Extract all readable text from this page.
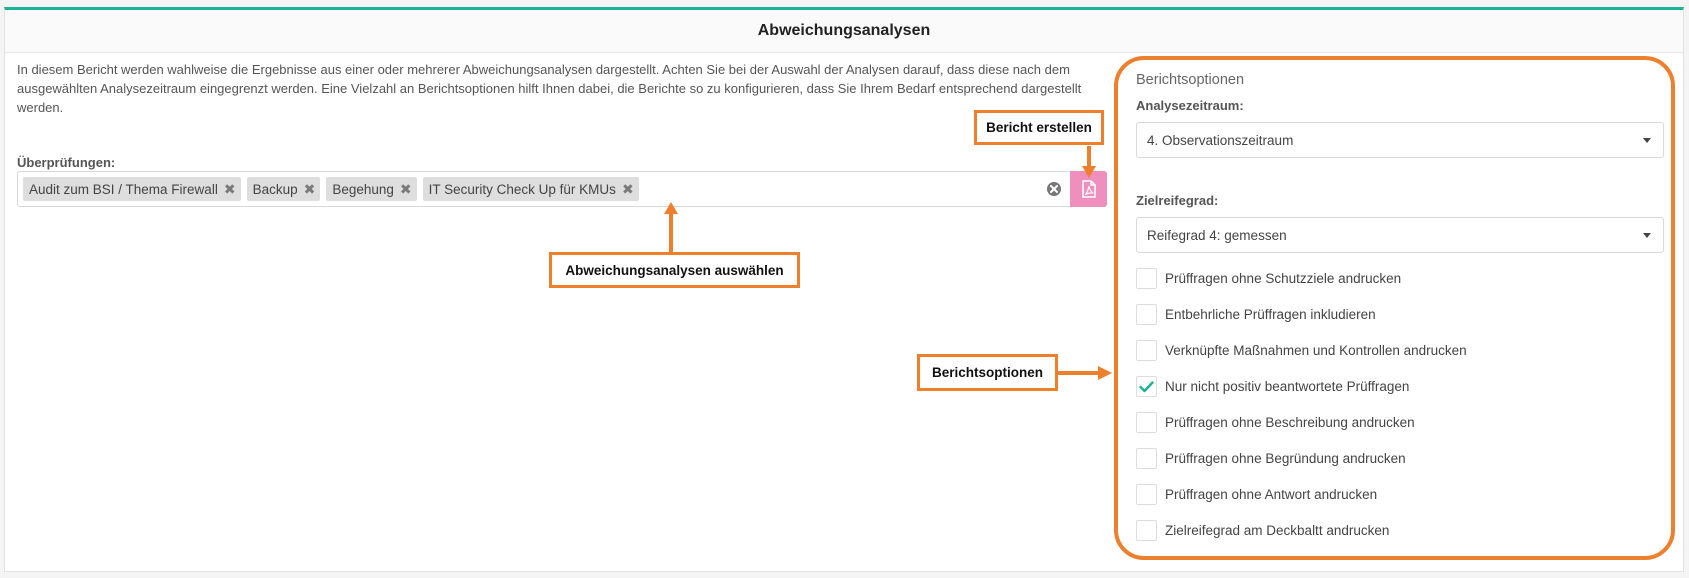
Abweichungsanalysen

In diesem Bericht werden wahlweise die Ergebnisse aus einer oder mehrerer Abweichungsanalysen dargestellt. Achten Sie bei der Auswahl der Analysen darauf, dass diese nach dem ausgewählten Analysezeitraum eingegrenzt werden. Eine Vielzahl an Berichtsoptionen hilft Ihnen dabei, die Berichte so zu konfigurieren, dass Sie Ihrem Bedarf entsprechend dargestellt werden.

Überprüfungen:
Audit zum BSI / Thema Firewall ✖ Backup ✖ Begehung ✖ IT Security Check Up für KMUs ✖
Bericht erstellen
Abweichungsanalysen auswählen
Berichtsoptionen
Berichtsoptionen
Analysezeitraum:
4. Observationszeitraum
Zielreifegrad:
Reifegrad 4: gemessen
Prüffragen ohne Schutzziele andrucken
Entbehrliche Prüffragen inkludieren
Verknüpfte Maßnahmen und Kontrollen andrucken
Nur nicht positiv beantwortete Prüffragen
Prüffragen ohne Beschreibung andrucken
Prüffragen ohne Begründung andrucken
Prüffragen ohne Antwort andrucken
Zielreifegrad am Deckbaltt andrucken
